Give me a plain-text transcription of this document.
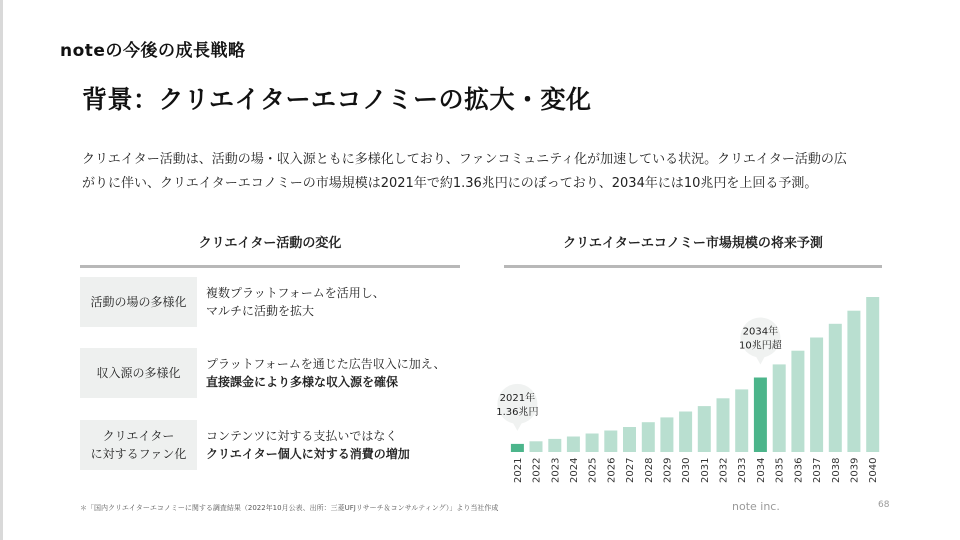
noteの今後の成長戦略
背景：クリエイターエコノミーの拡大・変化
クリエイター活動は、活動の場・収入源ともに多様化しており、ファンコミュニティ化が加速している状況。クリエイター活動の広
がりに伴い、クリエイターエコノミーの市場規模は2021年で約1.36兆円にのぼっており、2034年には10兆円を上回る予測。
クリエイター活動の変化
活動の場の多様化
複数プラットフォームを活用し、
マルチに活動を拡大
収入源の多様化
プラットフォームを通じた広告収入に加え、
直接課金により多様な収入源を確保
クリエイター
に対するファン化
コンテンツに対する支払いではなく
クリエイター個人に対する消費の増加
クリエイターエコノミー市場規模の将来予測
2021 2022 2023 2024 2025 2026 2027 2028 2029 2030 2031 2032 2033 2034 2035 2036 2037 2038 2039 2040
2021年
1.36兆円
2034年
10兆円超
＊「国内クリエイターエコノミーに関する調査結果（2022年10月公表、出所：三菱UFJリサーチ＆コンサルティング）」より当社作成	note inc.	68
